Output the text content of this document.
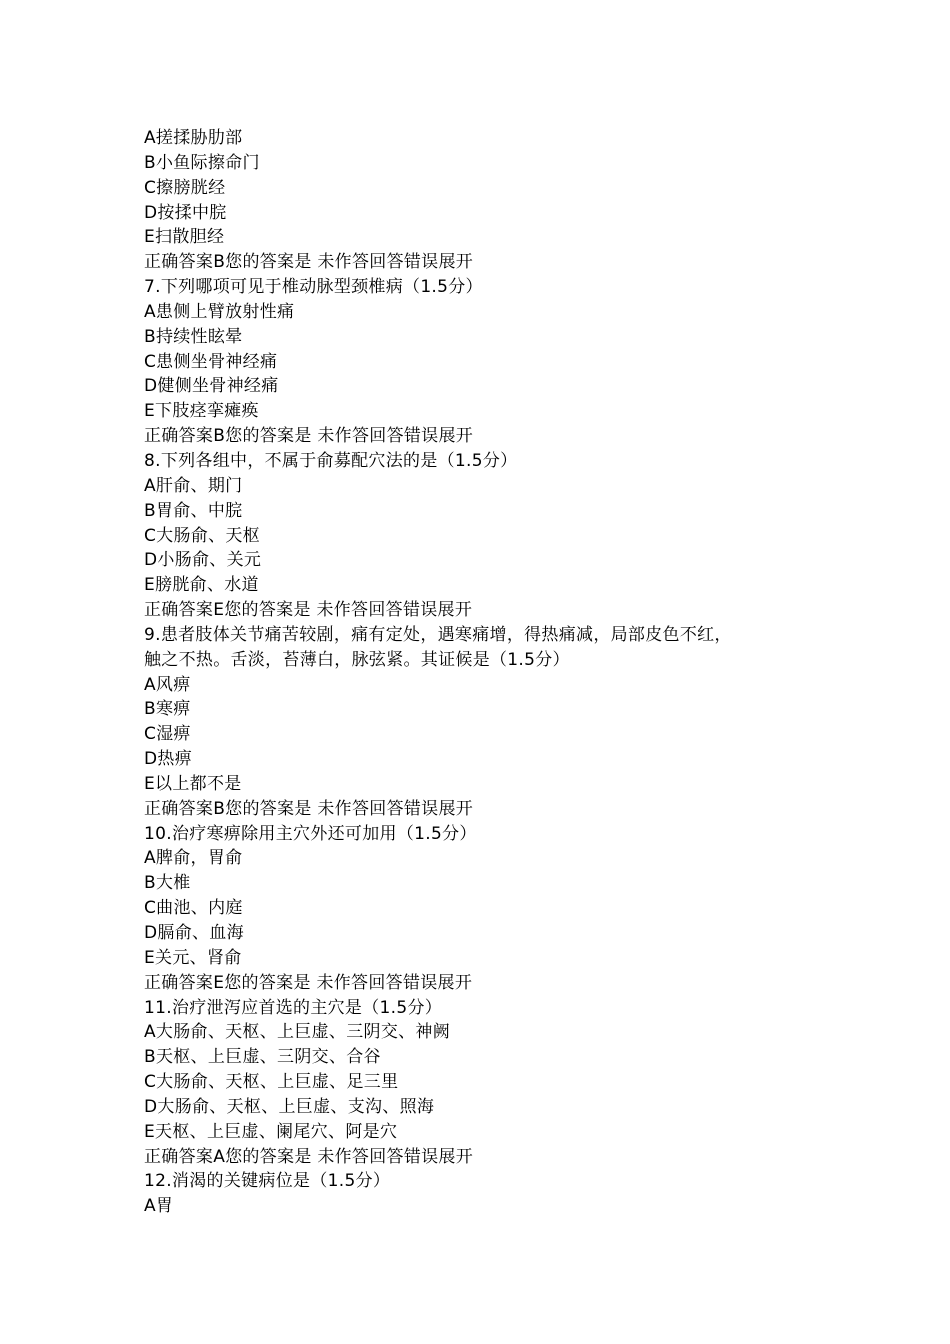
A搓揉胁肋部
B小鱼际擦命门
C擦膀胱经
D按揉中脘
E扫散胆经
正确答案B您的答案是 未作答回答错误展开
7.下列哪项可见于椎动脉型颈椎病（1.5分）
A患侧上臂放射性痛
B持续性眩晕
C患侧坐骨神经痛
D健侧坐骨神经痛
E下肢痉挛瘫痪
正确答案B您的答案是 未作答回答错误展开
8.下列各组中，不属于俞募配穴法的是（1.5分）
A肝俞、期门
B胃俞、中脘
C大肠俞、天枢
D小肠俞、关元
E膀胱俞、水道
正确答案E您的答案是 未作答回答错误展开
9.患者肢体关节痛苦较剧，痛有定处，遇寒痛增，得热痛减，局部皮色不红，
触之不热。舌淡，苔薄白，脉弦紧。其证候是（1.5分）
A风痹
B寒痹
C湿痹
D热痹
E以上都不是
正确答案B您的答案是 未作答回答错误展开
10.治疗寒痹除用主穴外还可加用（1.5分）
A脾俞，胃俞
B大椎
C曲池、内庭
D膈俞、血海
E关元、肾俞
正确答案E您的答案是 未作答回答错误展开
11.治疗泄泻应首选的主穴是（1.5分）
A大肠俞、天枢、上巨虚、三阴交、神阙
B天枢、上巨虚、三阴交、合谷
C大肠俞、天枢、上巨虚、足三里
D大肠俞、天枢、上巨虚、支沟、照海
E天枢、上巨虚、阑尾穴、阿是穴
正确答案A您的答案是 未作答回答错误展开
12.消渴的关键病位是（1.5分）
A胃
